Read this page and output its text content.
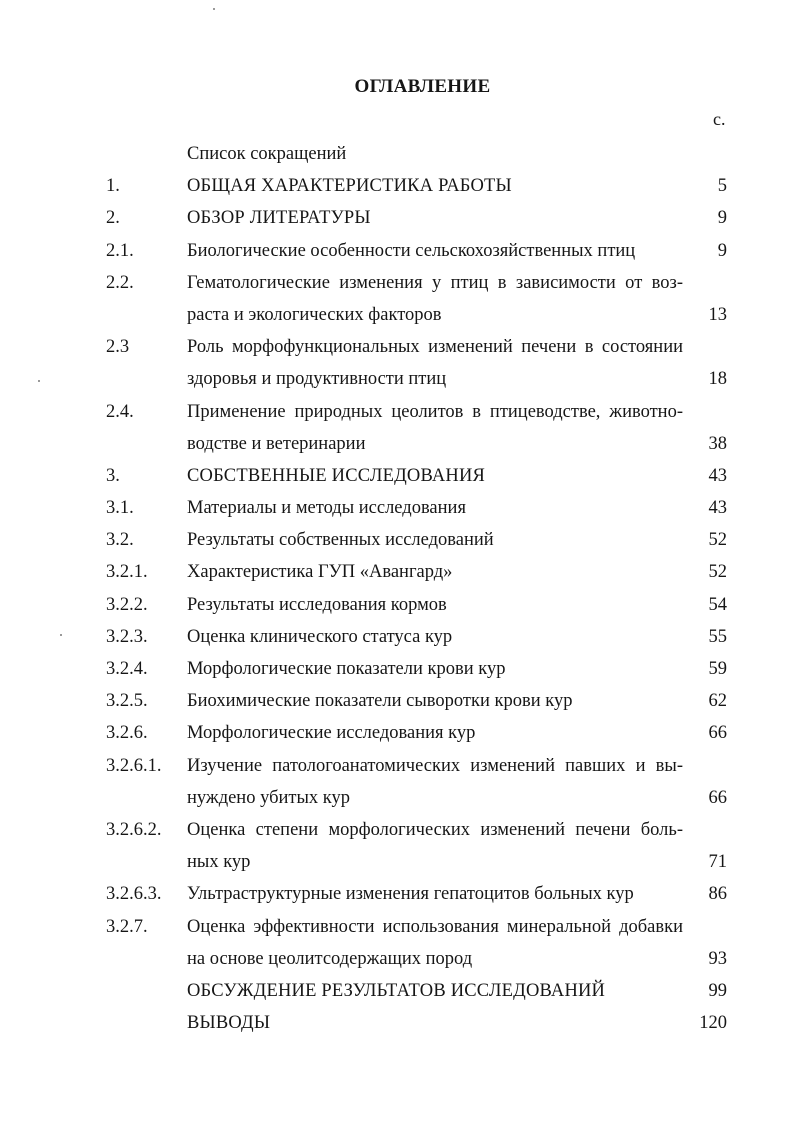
ОГЛАВЛЕНИЕ
с.
Список сокращений
1.	ОБЩАЯ ХАРАКТЕРИСТИКА РАБОТЫ	5
2.	ОБЗОР ЛИТЕРАТУРЫ	9
2.1.	Биологические особенности сельскохозяйственных птиц	9
2.2.	Гематологические изменения у птиц в зависимости от воз-
раста и экологических факторов	13
2.3	Роль морфофункциональных изменений печени в состоянии
здоровья и продуктивности птиц	18
2.4.	Применение природных цеолитов в птицеводстве, животно-
водстве и ветеринарии	38
3.	СОБСТВЕННЫЕ ИССЛЕДОВАНИЯ	43
3.1.	Материалы и методы исследования	43
3.2.	Результаты собственных исследований	52
3.2.1. Характеристика ГУП «Авангард»	52
3.2.2. Результаты исследования кормов	54
3.2.3. Оценка клинического статуса кур	55
3.2.4. Морфологические показатели крови кур	59
3.2.5. Биохимические показатели сыворотки крови кур	62
3.2.6. Морфологические исследования кур	66
3.2.6.1. Изучение патологоанатомических изменений павших и вы-
нуждено убитых кур	66
3.2.6.2. Оценка степени морфологических изменений печени боль-
ных кур	71
3.2.6.3. Ультраструктурные изменения гепатоцитов больных кур	86
3.2.7. Оценка эффективности использования минеральной добавки
на основе цеолитсодержащих пород	93
ОБСУЖДЕНИЕ РЕЗУЛЬТАТОВ ИССЛЕДОВАНИЙ	99
ВЫВОДЫ	120
